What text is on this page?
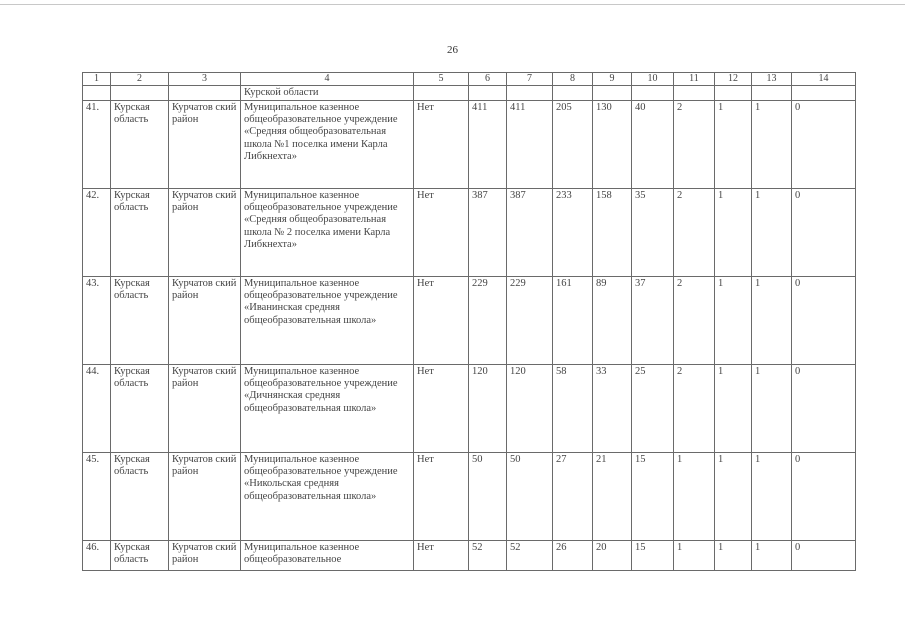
26
1	2	3	4	5	6	7	8	9	10	11	12	13	14
			Курской области										
41.	Курская область	Курчатов ский район	Муниципальное казенное общеобразовательное учреждение «Средняя общеобразовательная школа №1 поселка имени Карла Либкнехта»	Нет	411	411	205	130	40	2	1	1	0
42.	Курская область	Курчатов ский район	Муниципальное казенное общеобразовательное учреждение «Средняя общеобразовательная школа № 2 поселка имени Карла Либкнехта»	Нет	387	387	233	158	35	2	1	1	0
43.	Курская область	Курчатов ский район	Муниципальное казенное общеобразовательное учреждение «Иванинская средняя общеобразовательная школа»	Нет	229	229	161	89	37	2	1	1	0
44.	Курская область	Курчатов ский район	Муниципальное казенное общеобразовательное учреждение «Дичнянская средняя общеобразовательная школа»	Нет	120	120	58	33	25	2	1	1	0
45.	Курская область	Курчатов ский район	Муниципальное казенное общеобразовательное учреждение «Никольская средняя общеобразовательная школа»	Нет	50	50	27	21	15	1	1	1	0
46.	Курская область	Курчатов ский район	Муниципальное казенное общеобразовательное	Нет	52	52	26	20	15	1	1	1	0
